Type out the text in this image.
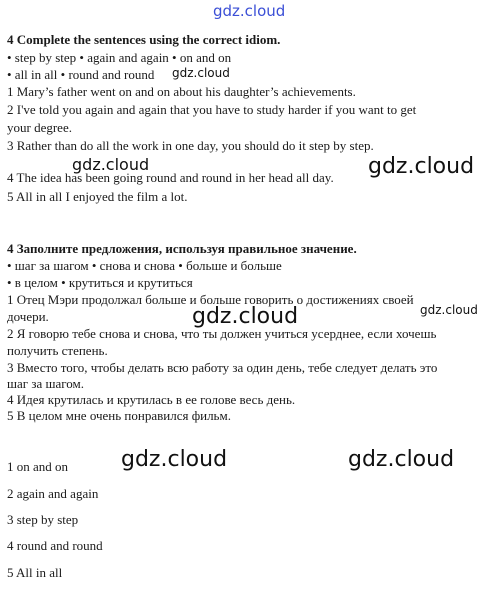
gdz.cloud
gdz.cloud
gdz.cloud	gdz.cloud
gdz.cloud	gdz.cloud
gdz.cloud	gdz.cloud
4 Complete the sentences using the correct idiom.
• step by step • again and again • on and on
• all in all • round and round
1 Mary’s father went on and on about his daughter’s achievements.
2 I've told you again and again that you have to study harder if you want to get
your degree.
3 Rather than do all the work in one day, you should do it step by step.
4 The idea has been going round and round in her head all day.
5 All in all I enjoyed the film a lot.
4 Заполните предложения, используя правильное значение.
• шаг за шагом • снова и снова • больше и больше
• в целом • крутиться и крутиться
1 Отец Мэри продолжал больше и больше говорить о достижениях своей
дочери.
2 Я говорю тебе снова и снова, что ты должен учиться усерднее, если хочешь
получить степень.
3 Вместо того, чтобы делать всю работу за один день, тебе следует делать это
шаг за шагом.
4 Идея крутилась и крутилась в ее голове весь день.
5 В целом мне очень понравился фильм.
1 on and on
2 again and again
3 step by step
4 round and round
5 All in all
